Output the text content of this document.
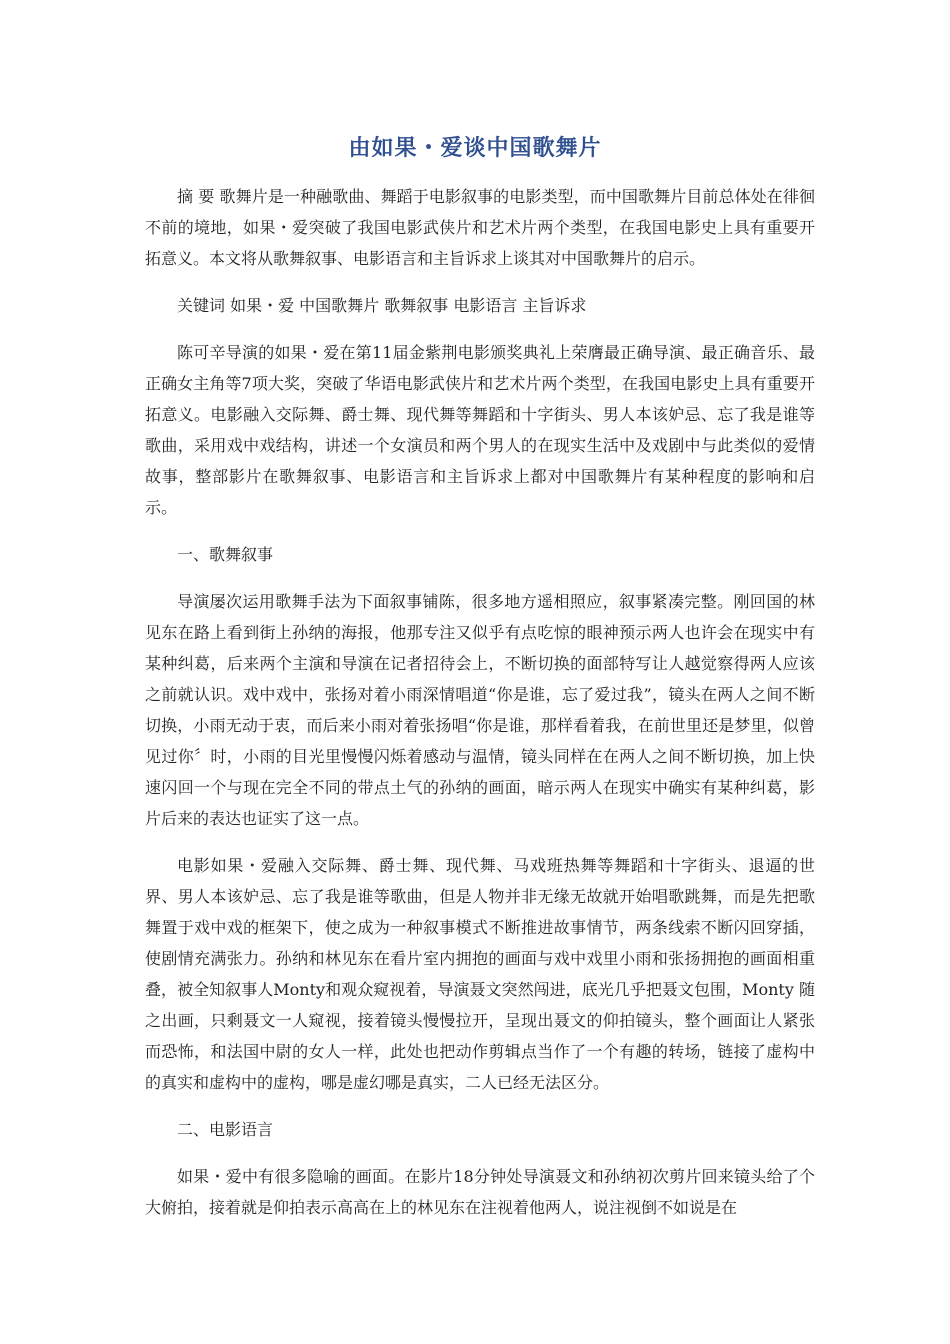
由如果・爱谈中国歌舞片

摘 要 歌舞片是一种融歌曲、舞蹈于电影叙事的电影类型，而中国歌舞片目前总体处在徘徊不前的境地，如果・爱突破了我国电影武侠片和艺术片两个类型，在我国电影史上具有重要开拓意义。本文将从歌舞叙事、电影语言和主旨诉求上谈其对中国歌舞片的启示。

关键词 如果・爱 中国歌舞片 歌舞叙事 电影语言 主旨诉求

陈可辛导演的如果・爱在第11届金紫荆电影颁奖典礼上荣膺最正确导演、最正确音乐、最正确女主角等7项大奖，突破了华语电影武侠片和艺术片两个类型，在我国电影史上具有重要开拓意义。电影融入交际舞、爵士舞、现代舞等舞蹈和十字街头、男人本该妒忌、忘了我是谁等歌曲，采用戏中戏结构，讲述一个女演员和两个男人的在现实生活中及戏剧中与此类似的爱情故事，整部影片在歌舞叙事、电影语言和主旨诉求上都对中国歌舞片有某种程度的影响和启示。

一、歌舞叙事

导演屡次运用歌舞手法为下面叙事铺陈，很多地方遥相照应，叙事紧凑完整。刚回国的林见东在路上看到街上孙纳的海报，他那专注又似乎有点吃惊的眼神预示两人也许会在现实中有某种纠葛，后来两个主演和导演在记者招待会上，不断切换的面部特写让人越觉察得两人应该之前就认识。戏中戏中，张扬对着小雨深情唱道“你是谁，忘了爱过我”，镜头在两人之间不断切换，小雨无动于衷，而后来小雨对着张扬唱“你是谁，那样看着我，在前世里还是梦里，似曾见过你〞时，小雨的目光里慢慢闪烁着感动与温情，镜头同样在在两人之间不断切换，加上快速闪回一个与现在完全不同的带点土气的孙纳的画面，暗示两人在现实中确实有某种纠葛，影片后来的表达也证实了这一点。

电影如果・爱融入交际舞、爵士舞、现代舞、马戏班热舞等舞蹈和十字街头、退逼的世界、男人本该妒忌、忘了我是谁等歌曲，但是人物并非无缘无故就开始唱歌跳舞，而是先把歌舞置于戏中戏的框架下，使之成为一种叙事模式不断推进故事情节，两条线索不断闪回穿插，使剧情充满张力。孙纳和林见东在看片室内拥抱的画面与戏中戏里小雨和张扬拥抱的画面相重叠，被全知叙事人Monty和观众窥视着，导演聂文突然闯进，底光几乎把聂文包围，Monty 随之出画，只剩聂文一人窥视，接着镜头慢慢拉开，呈现出聂文的仰拍镜头，整个画面让人紧张而恐怖，和法国中尉的女人一样，此处也把动作剪辑点当作了一个有趣的转场，链接了虚构中的真实和虚构中的虚构，哪是虚幻哪是真实，二人已经无法区分。

二、电影语言

如果・爱中有很多隐喻的画面。在影片18分钟处导演聂文和孙纳初次剪片回来镜头给了个大俯拍，接着就是仰拍表示高高在上的林见东在注视着他两人，说注视倒不如说是在
